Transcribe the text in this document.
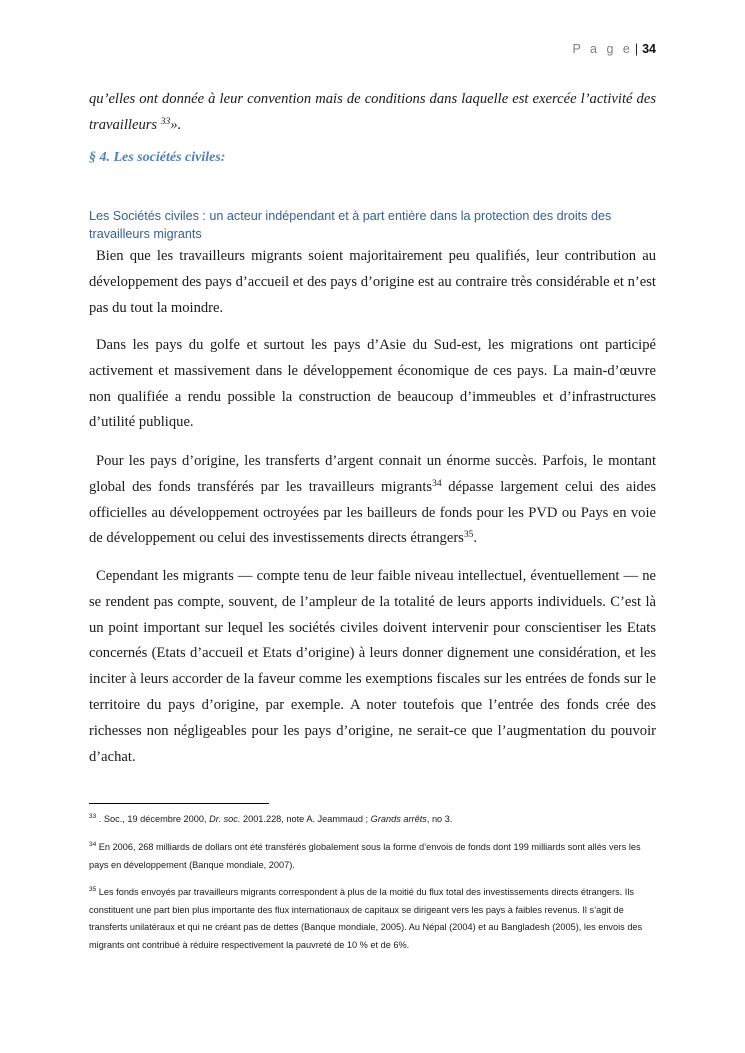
P a g e | 34
qu’elles ont donnée à leur convention mais de conditions dans laquelle est exercée l’activité des travailleurs $^{33}$».
§ 4. Les sociétés civiles:
Les Sociétés civiles : un acteur indépendant et à part entière dans la protection des droits des travailleurs migrants
Bien que les travailleurs migrants soient majoritairement peu qualifiés, leur contribution au développement des pays d’accueil et des pays d’origine est au contraire très considérable et n’est pas du tout la moindre.
Dans les pays du golfe et surtout les pays d’Asie du Sud-est, les migrations ont participé activement et massivement dans le développement économique de ces pays. La main-d’œuvre non qualifiée a rendu possible la construction de beaucoup d’immeubles et d’infrastructures d’utilité publique.
Pour les pays d’origine, les transferts d’argent connait un énorme succès. Parfois, le montant global des fonds transférés par les travailleurs migrants$^{34}$ dépasse largement celui des aides officielles au développement octroyées par les bailleurs de fonds pour les PVD ou Pays en voie de développement ou celui des investissements directs étrangers$^{35}$.
Cependant les migrants ― compte tenu de leur faible niveau intellectuel, éventuellement ― ne se rendent pas compte, souvent, de l’ampleur de la totalité de leurs apports individuels. C’est là un point important sur lequel les sociétés civiles doivent intervenir pour conscientiser les Etats concernés (Etats d’accueil et Etats d’origine) à leurs donner dignement une considération, et les inciter à leurs accorder de la faveur comme les exemptions fiscales sur les entrées de fonds sur le territoire du pays d’origine, par exemple. A noter toutefois que l’entrée des fonds crée des richesses non négligeables pour les pays d’origine, ne serait-ce que l’augmentation du pouvoir d’achat.
$^{33}$ . Soc., 19 décembre 2000, Dr. soc. 2001.228, note A. Jeammaud ; Grands arrêts, no 3.
$^{34}$ En 2006, 268 milliards de dollars ont été transférés globalement sous la forme d’envois de fonds dont 199 milliards sont allés vers les pays en développement (Banque mondiale, 2007).
$^{35}$ Les fonds envoyés par travailleurs migrants correspondent à plus de la moitié du flux total des investissements directs étrangers. Ils constituent une part bien plus importante des flux internationaux de capitaux se dirigeant vers les pays à faibles revenus. Il s’agit de transferts unilatéraux et qui ne créant pas de dettes (Banque mondiale, 2005). Au Népal (2004) et au Bangladesh (2005), les envois des migrants ont contribué à réduire respectivement la pauvreté de 10 % et de 6%.
